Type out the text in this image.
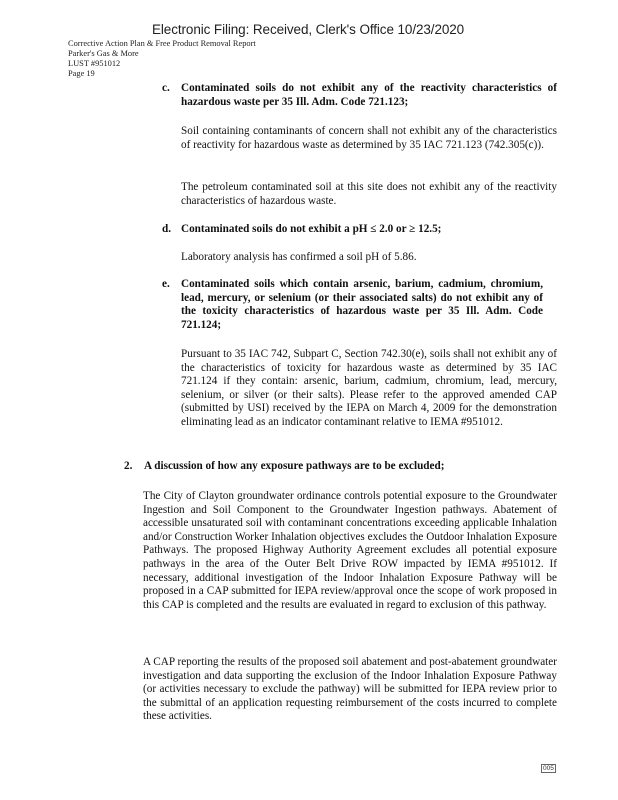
Electronic Filing: Received, Clerk's Office 10/23/2020
Corrective Action Plan & Free Product Removal Report
Parker's Gas & More
LUST #951012
Page 19
c. Contaminated soils do not exhibit any of the reactivity characteristics of hazardous waste per 35 Ill. Adm. Code 721.123;
Soil containing contaminants of concern shall not exhibit any of the characteristics of reactivity for hazardous waste as determined by 35 IAC 721.123 (742.305(c)).
The petroleum contaminated soil at this site does not exhibit any of the reactivity characteristics of hazardous waste.
d. Contaminated soils do not exhibit a pH ≤ 2.0 or ≥ 12.5;
Laboratory analysis has confirmed a soil pH of 5.86.
e. Contaminated soils which contain arsenic, barium, cadmium, chromium, lead, mercury, or selenium (or their associated salts) do not exhibit any of the toxicity characteristics of hazardous waste per 35 Ill. Adm. Code 721.124;
Pursuant to 35 IAC 742, Subpart C, Section 742.30(e), soils shall not exhibit any of the characteristics of toxicity for hazardous waste as determined by 35 IAC 721.124 if they contain: arsenic, barium, cadmium, chromium, lead, mercury, selenium, or silver (or their salts). Please refer to the approved amended CAP (submitted by USI) received by the IEPA on March 4, 2009 for the demonstration eliminating lead as an indicator contaminant relative to IEMA #951012.
2. A discussion of how any exposure pathways are to be excluded;
The City of Clayton groundwater ordinance controls potential exposure to the Groundwater Ingestion and Soil Component to the Groundwater Ingestion pathways. Abatement of accessible unsaturated soil with contaminant concentrations exceeding applicable Inhalation and/or Construction Worker Inhalation objectives excludes the Outdoor Inhalation Exposure Pathways. The proposed Highway Authority Agreement excludes all potential exposure pathways in the area of the Outer Belt Drive ROW impacted by IEMA #951012. If necessary, additional investigation of the Indoor Inhalation Exposure Pathway will be proposed in a CAP submitted for IEPA review/approval once the scope of work proposed in this CAP is completed and the results are evaluated in regard to exclusion of this pathway.
A CAP reporting the results of the proposed soil abatement and post-abatement groundwater investigation and data supporting the exclusion of the Indoor Inhalation Exposure Pathway (or activities necessary to exclude the pathway) will be submitted for IEPA review prior to the submittal of an application requesting reimbursement of the costs incurred to complete these activities.
005
